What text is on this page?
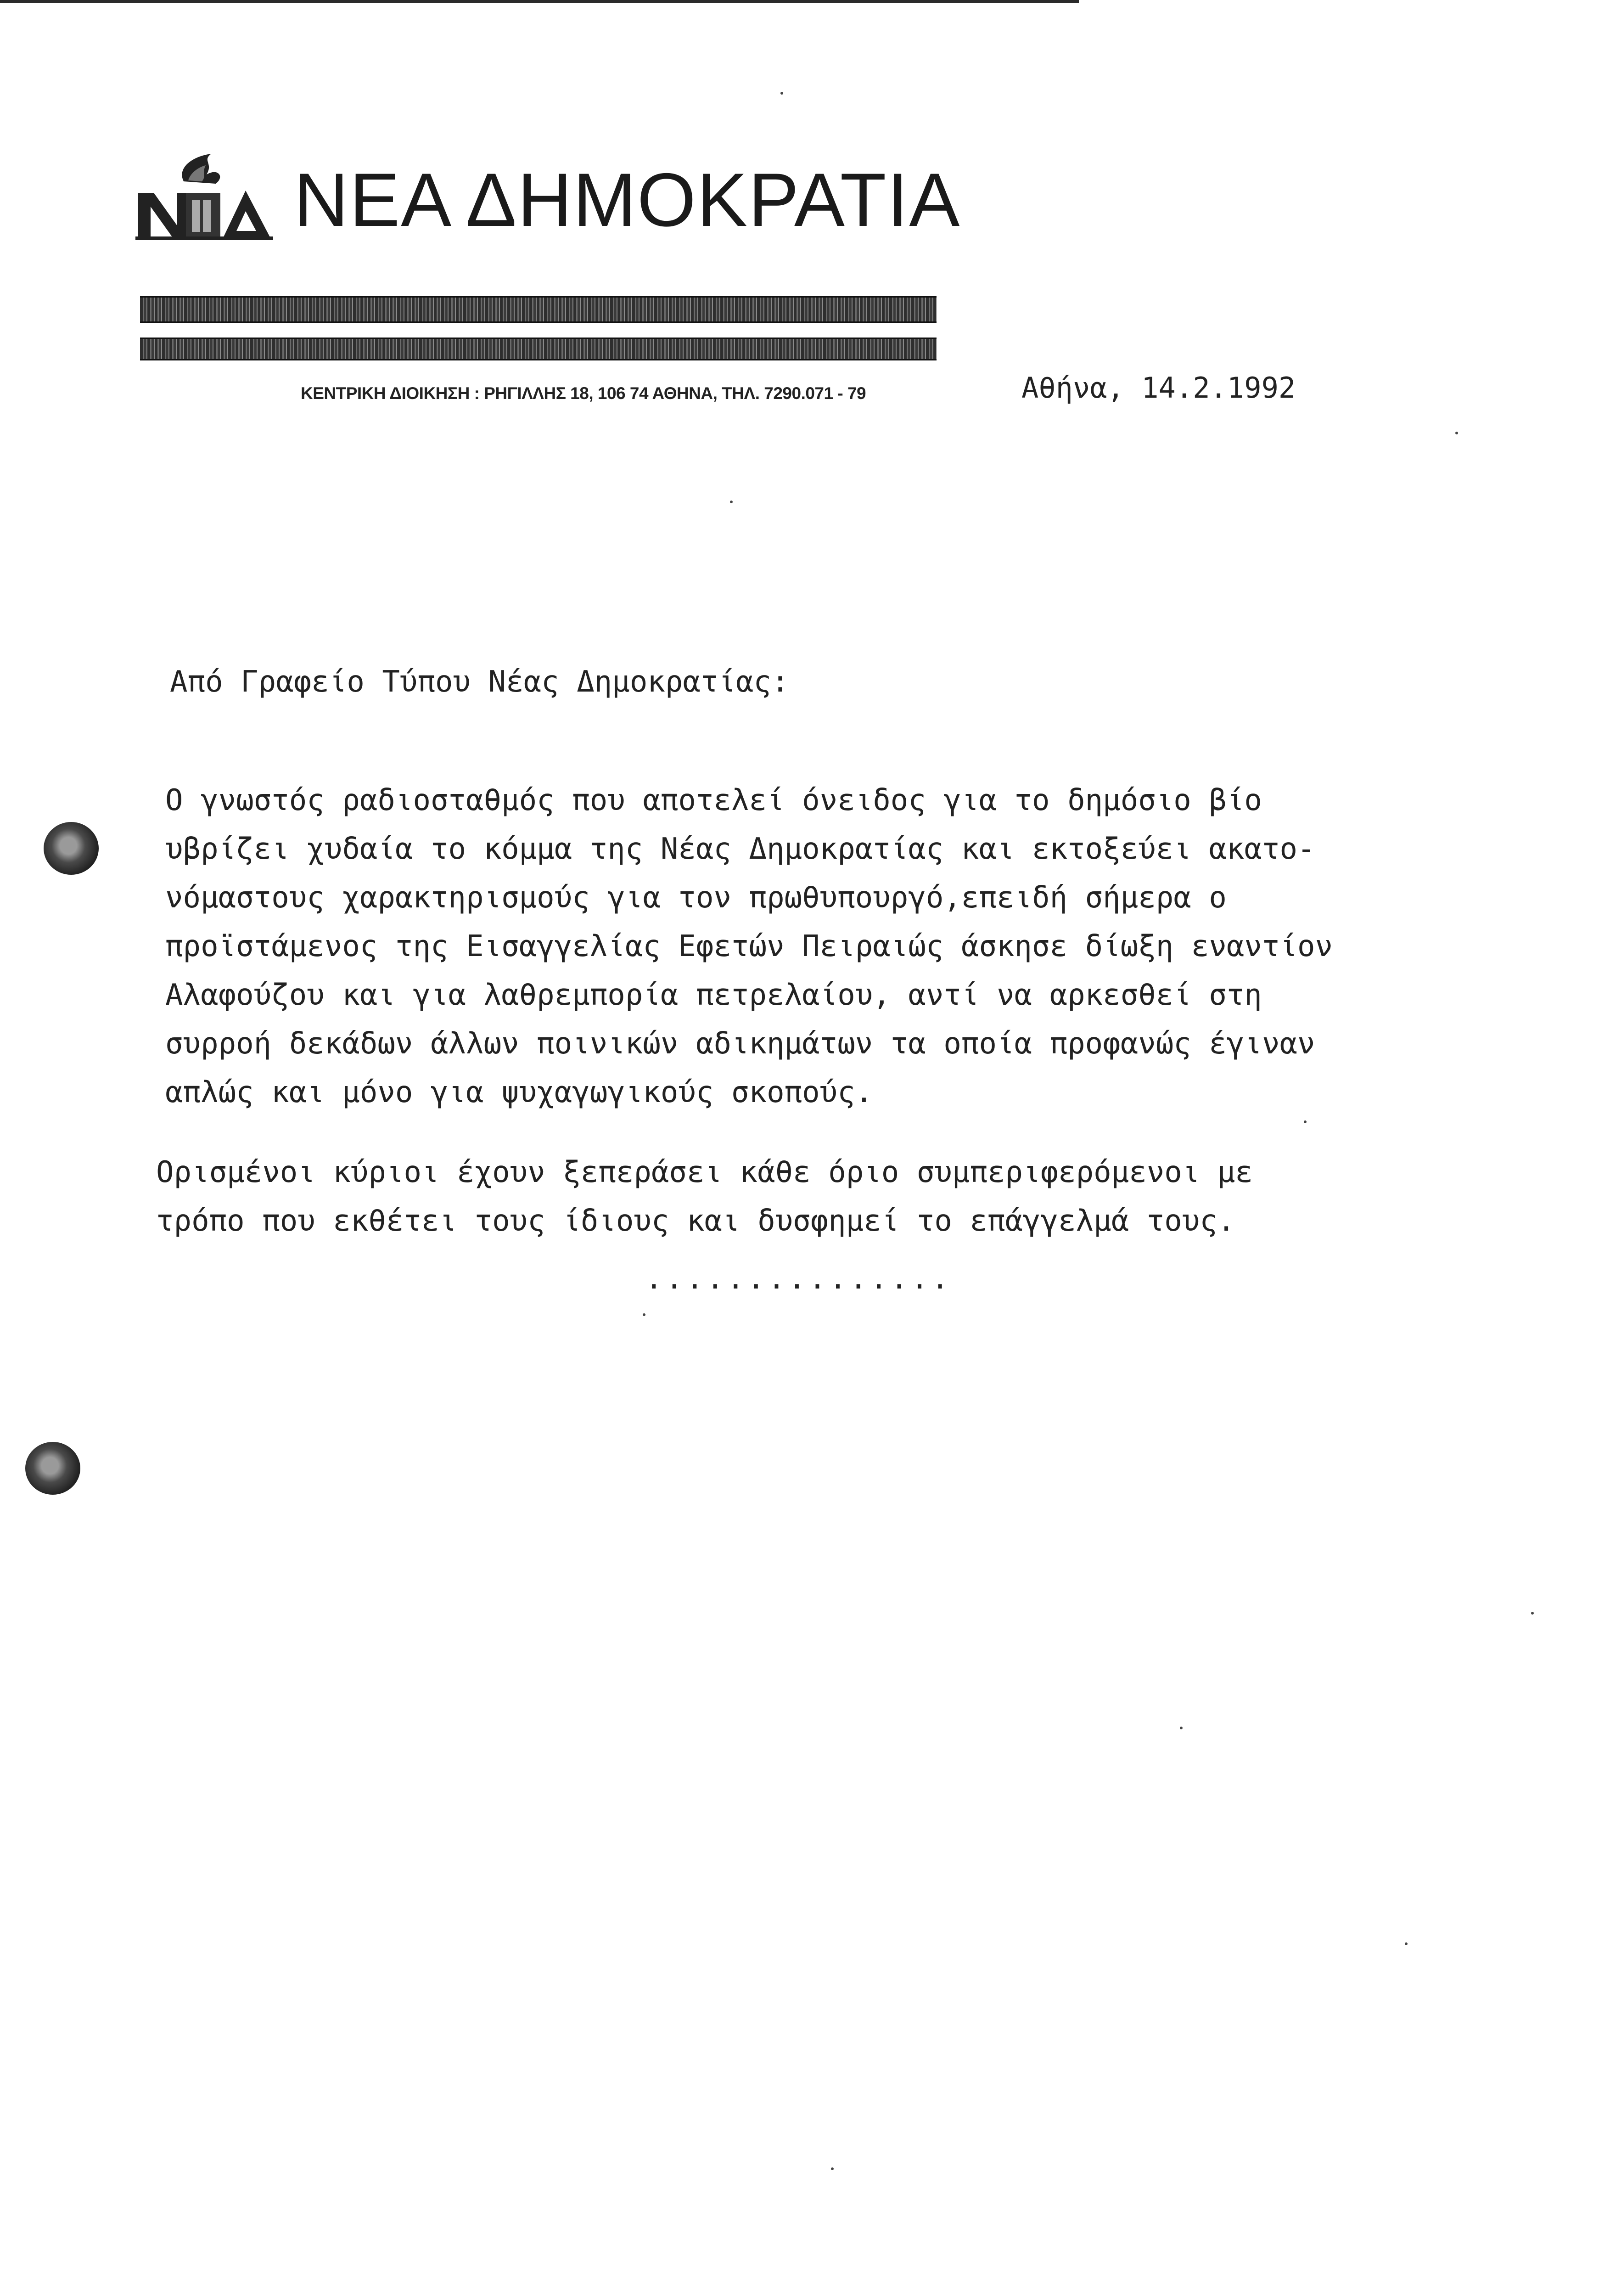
ΝΕΑ ΔΗΜΟΚΡΑΤΙΑ
ΚΕΝΤΡΙΚΗ ΔΙΟΙΚΗΣΗ : ΡΗΓΙΛΛΗΣ 18, 106 74 ΑΘΗΝΑ, ΤΗΛ. 7290.071 - 79	Αθήνα, 14.2.1992
Από Γραφείο Τύπου Νέας Δημοκρατίας:
Ο γνωστός ραδιοσταθμός που αποτελεί όνειδος για το δημόσιο βίο
υβρίζει χυδαία το κόμμα της Νέας Δημοκρατίας και εκτοξεύει ακατο-
νόμαστους χαρακτηρισμούς για τον πρωθυπουργό,επειδή σήμερα ο
προϊστάμενος της Εισαγγελίας Εφετών Πειραιώς άσκησε δίωξη εναντίον
Αλαφούζου και για λαθρεμπορία πετρελαίου, αντί να αρκεσθεί στη
συρροή δεκάδων άλλων ποινικών αδικημάτων τα οποία προφανώς έγιναν
απλώς και μόνο για ψυχαγωγικούς σκοπούς.
Ορισμένοι κύριοι έχουν ξεπεράσει κάθε όριο συμπεριφερόμενοι με
τρόπο που εκθέτει τους ίδιους και δυσφημεί το επάγγελμά τους.
...............
